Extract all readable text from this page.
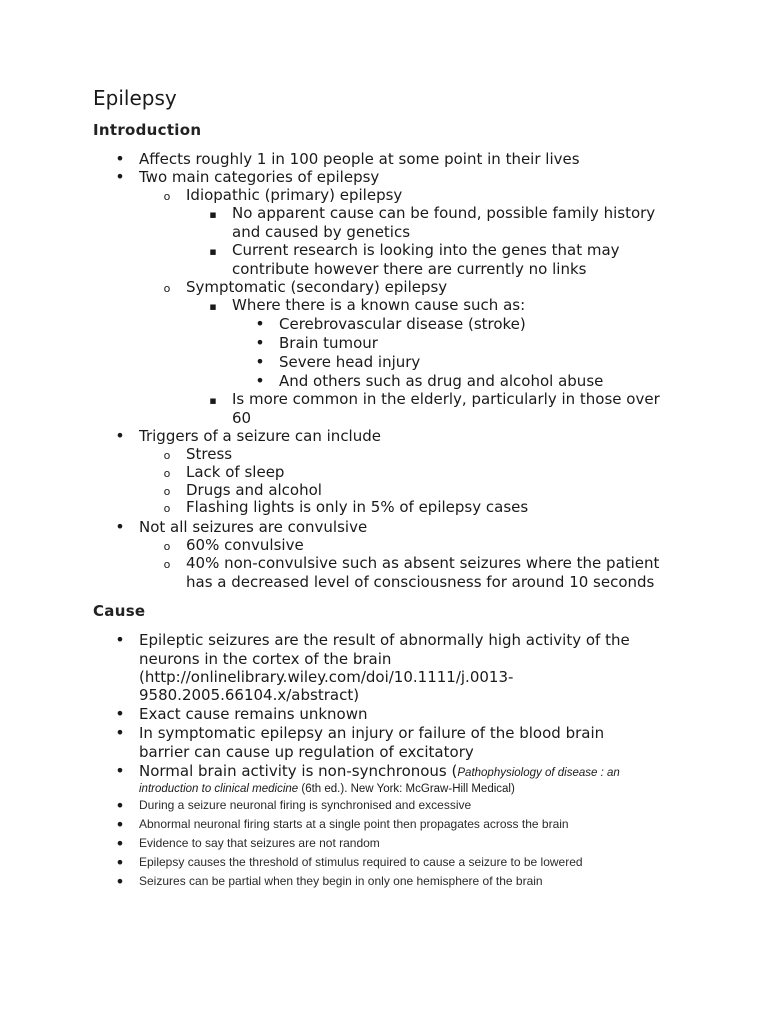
Epilepsy
Introduction
•
Affects roughly 1 in 100 people at some point in their lives
•
Two main categories of epilepsy
o
Idiopathic (primary) epilepsy
▪
No apparent cause can be found, possible family history
and caused by genetics
▪
Current research is looking into the genes that may
contribute however there are currently no links
o
Symptomatic (secondary) epilepsy
▪
Where there is a known cause such as:
•
Cerebrovascular disease (stroke)
•
Brain tumour
•
Severe head injury
•
And others such as drug and alcohol abuse
▪
Is more common in the elderly, particularly in those over
60
•
Triggers of a seizure can include
o
Stress
o
Lack of sleep
o
Drugs and alcohol
o
Flashing lights is only in 5% of epilepsy cases
•
Not all seizures are convulsive
o
60% convulsive
o
40% non-convulsive such as absent seizures where the patient
has a decreased level of consciousness for around 10 seconds
Cause
•
Epileptic seizures are the result of abnormally high activity of the
neurons in the cortex of the brain
(http://onlinelibrary.wiley.com/doi/10.1111/j.0013-
9580.2005.66104.x/abstract)
•
Exact cause remains unknown
•
In symptomatic epilepsy an injury or failure of the blood brain
barrier can cause up regulation of excitatory
•
Normal brain activity is non-synchronous (Pathophysiology of disease : an
introduction to clinical medicine (6th ed.). New York: McGraw-Hill Medical)
•
During a seizure neuronal firing is synchronised and excessive
•
Abnormal neuronal firing starts at a single point then propagates across the brain
•
Evidence to say that seizures are not random
•
Epilepsy causes the threshold of stimulus required to cause a seizure to be lowered
•
Seizures can be partial when they begin in only one hemisphere of the brain
